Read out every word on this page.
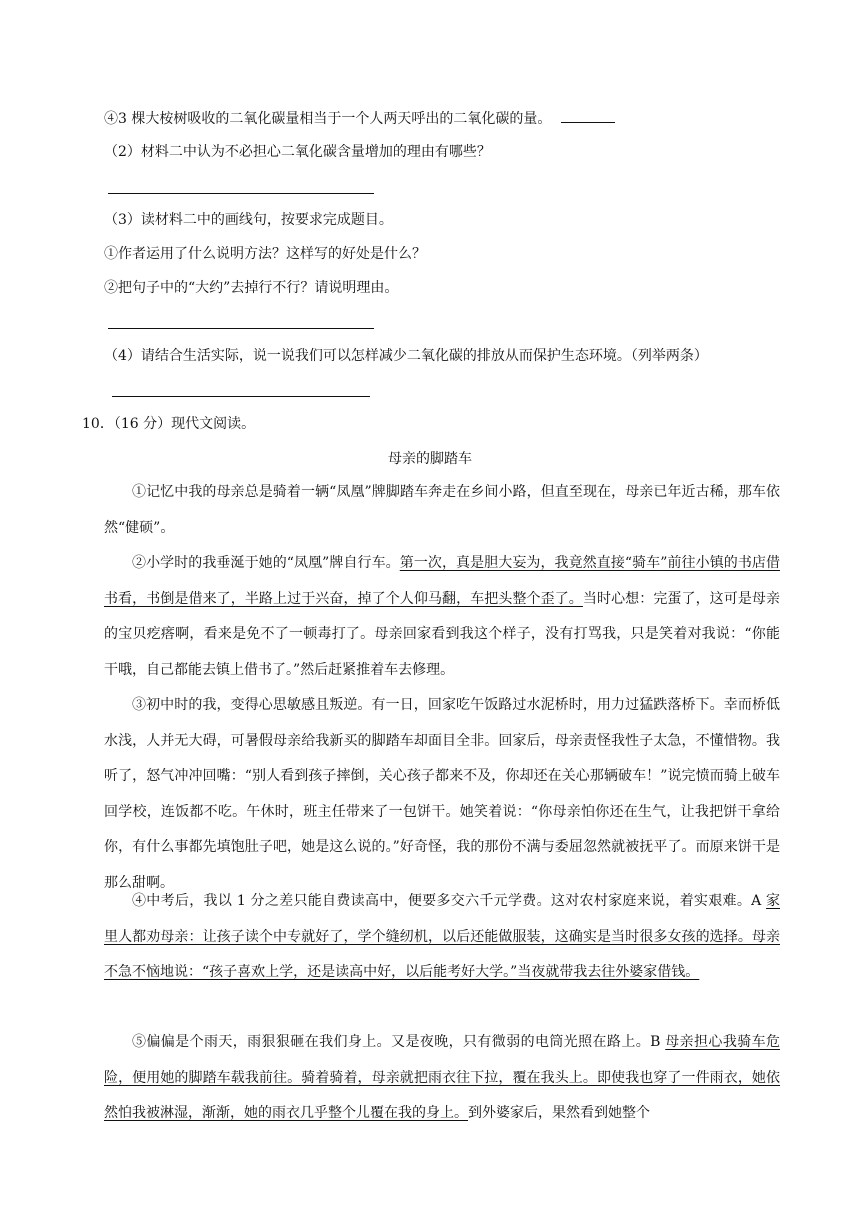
④3 棵大桉树吸收的二氧化碳量相当于一个人两天呼出的二氧化碳的量。
（2）材料二中认为不必担心二氧化碳含量增加的理由有哪些？
（3）读材料二中的画线句，按要求完成题目。
①作者运用了什么说明方法？这样写的好处是什么？
②把句子中的“大约”去掉行不行？请说明理由。
（4）请结合生活实际，说一说我们可以怎样减少二氧化碳的排放从而保护生态环境。（列举两条）
10．（16 分）现代文阅读。
母亲的脚踏车
①记忆中我的母亲总是骑着一辆“凤凰”牌脚踏车奔走在乡间小路，但直至现在，母亲已年近古稀，那车依然“健硕”。
②小学时的我垂涎于她的“凤凰”牌自行车。第一次，真是胆大妄为，我竟然直接“骑车”前往小镇的书店借书看，书倒是借来了，半路上过于兴奋，掉了个人仰马翻，车把头整个歪了。当时心想：完蛋了，这可是母亲的宝贝疙瘩啊，看来是免不了一顿毒打了。母亲回家看到我这个样子，没有打骂我，只是笑着对我说：“你能干哦，自己都能去镇上借书了。”然后赶紧推着车去修理。
③初中时的我，变得心思敏感且叛逆。有一日，回家吃午饭路过水泥桥时，用力过猛跌落桥下。幸而桥低水浅，人并无大碍，可暑假母亲给我新买的脚踏车却面目全非。回家后，母亲责怪我性子太急，不懂惜物。我听了，怒气冲冲回嘴：“别人看到孩子摔倒，关心孩子都来不及，你却还在关心那辆破车！”说完愤而骑上破车回学校，连饭都不吃。午休时，班主任带来了一包饼干。她笑着说：“你母亲怕你还在生气，让我把饼干拿给你，有什么事都先填饱肚子吧，她是这么说的。”好奇怪，我的那份不满与委屈忽然就被抚平了。而原来饼干是那么甜啊。
④中考后，我以 1 分之差只能自费读高中，便要多交六千元学费。这对农村家庭来说，着实艰难。A 家里人都劝母亲：让孩子读个中专就好了，学个缝纫机，以后还能做服装，这确实是当时很多女孩的选择。母亲不急不恼地说：“孩子喜欢上学，还是读高中好，以后能考好大学。”当夜就带我去往外婆家借钱。
⑤偏偏是个雨天，雨狠狠砸在我们身上。又是夜晚，只有微弱的电筒光照在路上。B 母亲担心我骑车危险，便用她的脚踏车载我前往。骑着骑着，母亲就把雨衣往下拉，覆在我头上。即使我也穿了一件雨衣，她依然怕我被淋湿，渐渐，她的雨衣几乎整个儿覆在我的身上。到外婆家后，果然看到她整个
